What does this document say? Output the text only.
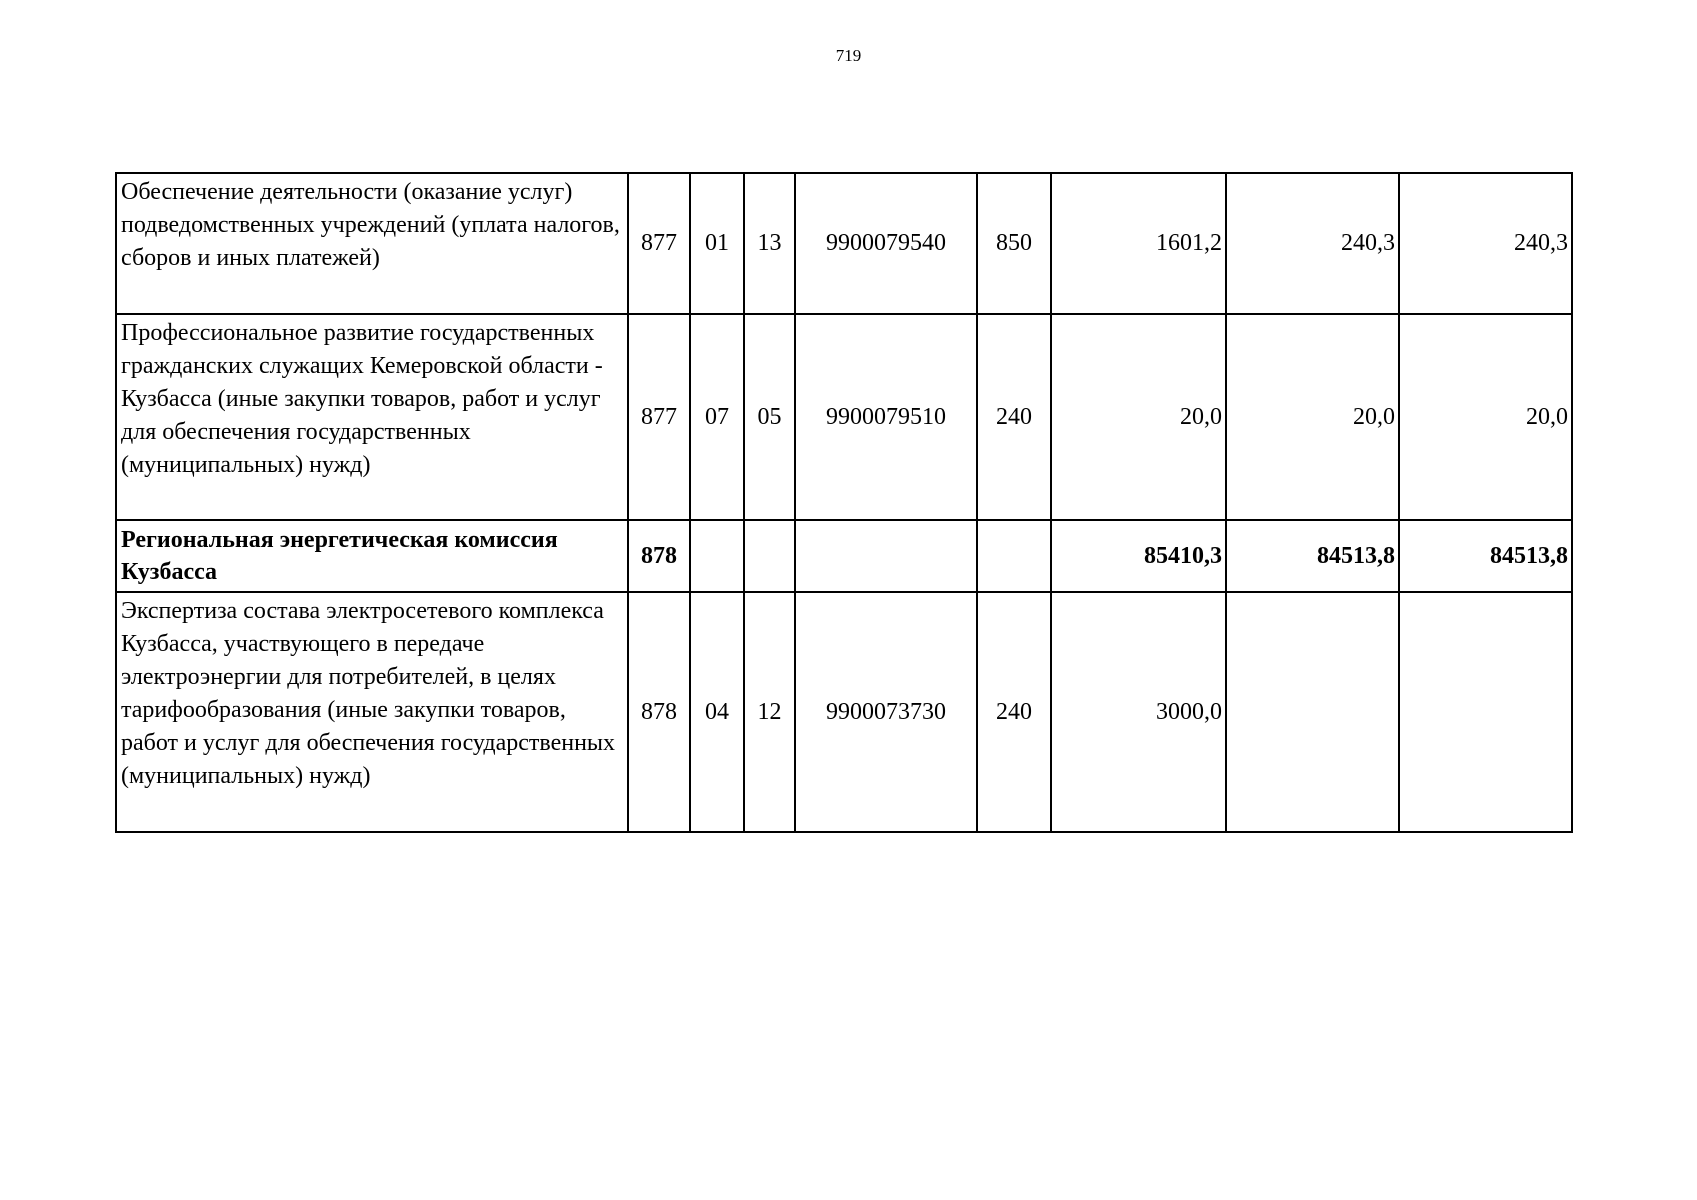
719
Обеспечение деятельности (оказание услуг) подведомственных учреждений (уплата налогов, сборов и иных платежей)	877	01	13	9900079540	850	1601,2	240,3	240,3
Профессиональное развитие государственных гражданских служащих Кемеровской области - Кузбасса (иные закупки товаров, работ и услуг для обеспечения государственных (муниципальных) нужд)	877	07	05	9900079510	240	20,0	20,0	20,0
Региональная энергетическая комиссия Кузбасса	878					85410,3	84513,8	84513,8
Экспертиза состава электросетевого комплекса Кузбасса, участвующего в передаче электроэнергии для потребителей, в целях тарифообразования (иные закупки товаров, работ и услуг для обеспечения государственных (муниципальных) нужд)	878	04	12	9900073730	240	3000,0		
